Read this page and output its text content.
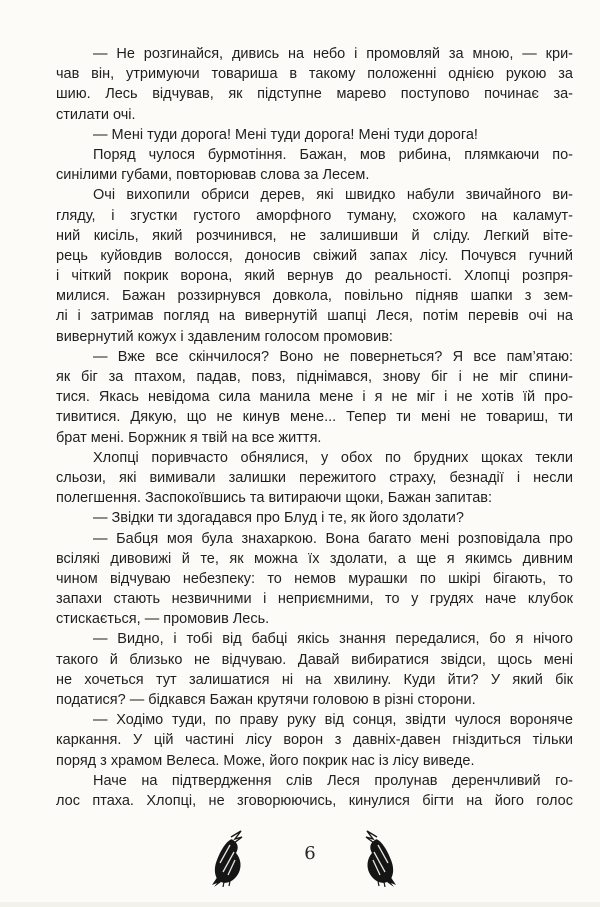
— Не розгинайся, дивись на небо і промовляй за мною, — кри-
чав він, утримуючи товариша в такому положенні однією рукою за
шию. Лесь відчував, як підступне марево поступово починає за-
стилати очі.
— Мені туди дорога! Мені туди дорога! Мені туди дорога!
Поряд чулося бурмотіння. Бажан, мов рибина, плямкаючи по-
синілими губами, повторював слова за Лесем.
Очі вихопили обриси дерев, які швидко набули звичайного ви-
гляду, і згустки густого аморфного туману, схожого на каламут-
ний кисіль, який розчинився, не залишивши й сліду. Легкий віте-
рець куйовдив волосся, доносив свіжий запах лісу. Почувся гучний
і чіткий покрик ворона, який вернув до реальності. Хлопці розпря-
милися. Бажан роззирнувся довкола, повільно підняв шапки з зем-
лі і затримав погляд на вивернутій шапці Леся, потім перевів очі на
вивернутий кожух і здавленим голосом промовив:
— Вже все скінчилося? Воно не повернеться? Я все пам’ятаю:
як біг за птахом, падав, повз, піднімався, знову біг і не міг спини-
тися. Якась невідома сила манила мене і я не міг і не хотів їй про-
тивитися. Дякую, що не кинув мене... Тепер ти мені не товариш, ти
брат мені. Боржник я твій на все життя.
Хлопці поривчасто обнялися, у обох по брудних щоках текли
сльози, які вимивали залишки пережитого страху, безнадії і несли
полегшення. Заспокоївшись та витираючи щоки, Бажан запитав:
— Звідки ти здогадався про Блуд і те, як його здолати?
— Бабця моя була знахаркою. Вона багато мені розповідала про
всілякі дивовижі й те, як можна їх здолати, а ще я якимсь дивним
чином відчуваю небезпеку: то немов мурашки по шкірі бігають, то
запахи стають незвичними і неприємними, то у грудях наче клубок
стискається, — промовив Лесь.
— Видно, і тобі від бабці якісь знання передалися, бо я нічого
такого й близько не відчуваю. Давай вибиратися звідси, щось мені
не хочеться тут залишатися ні на хвилину. Куди йти? У який бік
податися? — бідкався Бажан крутячи головою в різні сторони.
— Ходімо туди, по праву руку від сонця, звідти чулося вороняче
каркання. У цій частині лісу ворон з давніх-давен гніздиться тільки
поряд з храмом Велеса. Може, його покрик нас із лісу виведе.
Наче на підтвердження слів Леся пролунав деренчливий го-
лос птаха. Хлопці, не зговорюючись, кинулися бігти на його голос
6
